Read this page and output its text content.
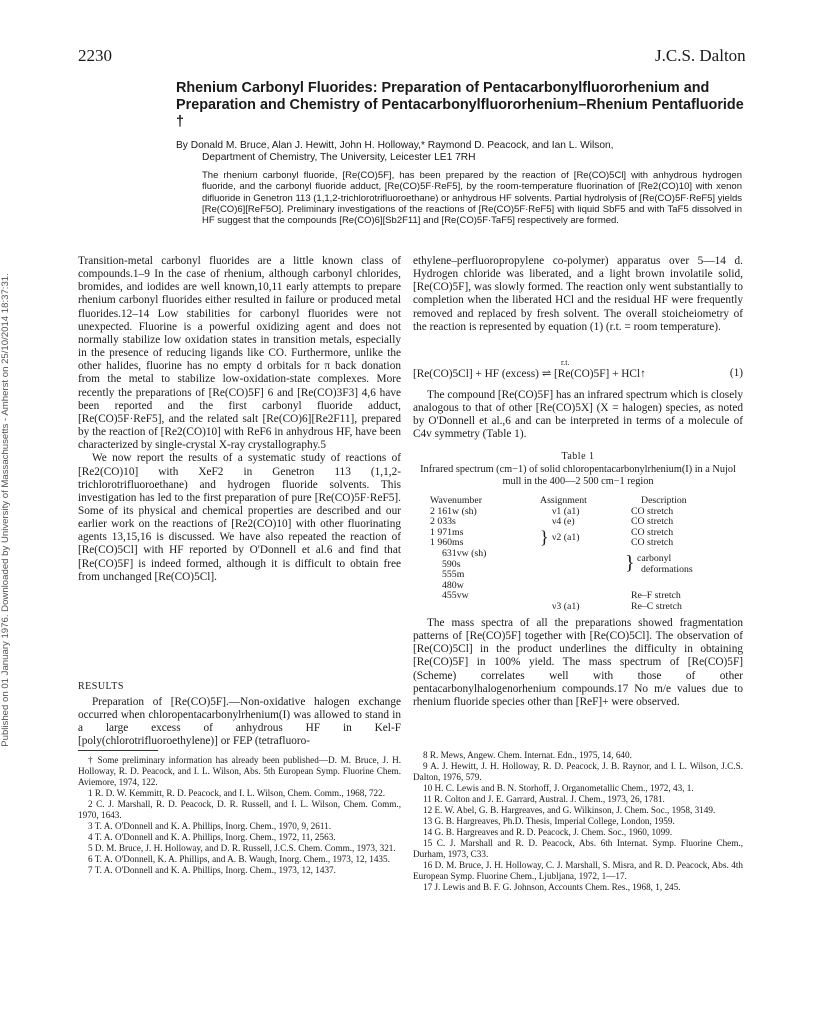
Published on 01 January 1976. Downloaded by University of Massachusetts - Amherst on 25/10/2014 18:37:31.
2230	J.C.S. Dalton
Rhenium Carbonyl Fluorides: Preparation of Pentacarbonylfluororhenium and Preparation and Chemistry of Pentacarbonylfluororhenium–Rhenium Pentafluoride †
By Donald M. Bruce, Alan J. Hewitt, John H. Holloway,* Raymond D. Peacock, and Ian L. Wilson,
Department of Chemistry, The University, Leicester LE1 7RH
The rhenium carbonyl fluoride, [Re(CO)5F], has been prepared by the reaction of [Re(CO)5Cl] with anhydrous hydrogen fluoride, and the carbonyl fluoride adduct, [Re(CO)5F·ReF5], by the room-temperature fluorination of [Re2(CO)10] with xenon difluoride in Genetron 113 (1,1,2-trichlorotrifluoroethane) or anhydrous HF solvents. Partial hydrolysis of [Re(CO)5F·ReF5] yields [Re(CO)6][ReF5O]. Preliminary investigations of the reactions of [Re(CO)5F·ReF5] with liquid SbF5 and with TaF5 dissolved in HF suggest that the compounds [Re(CO)6][Sb2F11] and [Re(CO)5F·TaF5] respectively are formed.

Transition-metal carbonyl fluorides are a little known class of compounds.1–9 In the case of rhenium, although carbonyl chlorides, bromides, and iodides are well known,10,11 early attempts to prepare rhenium carbonyl fluorides either resulted in failure or produced metal fluorides.12–14 Low stabilities for carbonyl fluorides were not unexpected. Fluorine is a powerful oxidizing agent and does not normally stabilize low oxidation states in transition metals, especially in the presence of reducing ligands like CO. Furthermore, unlike the other halides, fluorine has no empty d orbitals for π back donation from the metal to stabilize low-oxidation-state complexes. More recently the preparations of [Re(CO)5F] 6 and [Re(CO)3F3] 4,6 have been reported and the first carbonyl fluoride adduct, [Re(CO)5F·ReF5], and the related salt [Re(CO)6][Re2F11], prepared by the reaction of [Re2(CO)10] with ReF6 in anhydrous HF, have been characterized by single-crystal X-ray crystallography.5

We now report the results of a systematic study of reactions of [Re2(CO)10] with XeF2 in Genetron 113 (1,1,2-trichlorotrifluoroethane) and hydrogen fluoride solvents. This investigation has led to the first preparation of pure [Re(CO)5F·ReF5]. Some of its physical and chemical properties are described and our earlier work on the reactions of [Re2(CO)10] with other fluorinating agents 13,15,16 is discussed. We have also repeated the reaction of [Re(CO)5Cl] with HF reported by O'Donnell et al.6 and find that [Re(CO)5F] is indeed formed, although it is difficult to obtain free from unchanged [Re(CO)5Cl].

RESULTS

Preparation of [Re(CO)5F].—Non-oxidative halogen exchange occurred when chloropentacarbonylrhenium(I) was allowed to stand in a large excess of anhydrous HF in Kel-F [poly(chlorotrifluoroethylene)] or FEP (tetrafluoro-

† Some preliminary information has already been published—D. M. Bruce, J. H. Holloway, R. D. Peacock, and I. L. Wilson, Abs. 5th European Symp. Fluorine Chem. Aviemore, 1974, 122.

1 R. D. W. Kemmitt, R. D. Peacock, and I. L. Wilson, Chem. Comm., 1968, 722.

2 C. J. Marshall, R. D. Peacock, D. R. Russell, and I. L. Wilson, Chem. Comm., 1970, 1643.

3 T. A. O'Donnell and K. A. Phillips, Inorg. Chem., 1970, 9, 2611.

4 T. A. O'Donnell and K. A. Phillips, Inorg. Chem., 1972, 11, 2563.

5 D. M. Bruce, J. H. Holloway, and D. R. Russell, J.C.S. Chem. Comm., 1973, 321.

6 T. A. O'Donnell, K. A. Phillips, and A. B. Waugh, Inorg. Chem., 1973, 12, 1435.

7 T. A. O'Donnell and K. A. Phillips, Inorg. Chem., 1973, 12, 1437.

ethylene–perfluoropropylene co-polymer) apparatus over 5—14 d. Hydrogen chloride was liberated, and a light brown involatile solid, [Re(CO)5F], was slowly formed. The reaction only went substantially to completion when the liberated HCl and the residual HF were frequently removed and replaced by fresh solvent. The overall stoicheiometry of the reaction is represented by equation (1) (r.t. = room temperature).

r.t.
[Re(CO)5Cl] + HF (excess) ⇌ [Re(CO)5F] + HCl↑	(1)

The compound [Re(CO)5F] has an infrared spectrum which is closely analogous to that of other [Re(CO)5X] (X = halogen) species, as noted by O'Donnell et al.,6 and can be interpreted in terms of a molecule of C4v symmetry (Table 1).

Table 1
Infrared spectrum (cm−1) of solid chloropentacarbonylrhenium(I) in a Nujol mull in the 400—2 500 cm−1 region
Wavenumber
2 161w (sh)
2 033s
1 971ms
1 960ms
631vw (sh)
590s
555m
480w
455vw
Assignment
ν1 (a1)
ν4 (e)
} ν2 (a1)
ν3 (a1)
Description
CO stretch
CO stretch
CO stretch
CO stretch
} carbonyl
deformations
Re–F stretch
Re–C stretch

The mass spectra of all the preparations showed fragmentation patterns of [Re(CO)5F] together with [Re(CO)5Cl]. The observation of [Re(CO)5Cl] in the product underlines the difficulty in obtaining [Re(CO)5F] in 100% yield. The mass spectrum of [Re(CO)5F] (Scheme) correlates well with those of other pentacarbonylhalogenorhenium compounds.17 No m/e values due to rhenium fluoride species other than [ReF]+ were observed.

8 R. Mews, Angew. Chem. Internat. Edn., 1975, 14, 640.

9 A. J. Hewitt, J. H. Holloway, R. D. Peacock, J. B. Raynor, and I. L. Wilson, J.C.S. Dalton, 1976, 579.

10 H. C. Lewis and B. N. Storhoff, J. Organometallic Chem., 1972, 43, 1.

11 R. Colton and J. E. Garrard, Austral. J. Chem., 1973, 26, 1781.

12 E. W. Abel, G. B. Hargreaves, and G. Wilkinson, J. Chem. Soc., 1958, 3149.

13 G. B. Hargreaves, Ph.D. Thesis, Imperial College, London, 1959.

14 G. B. Hargreaves and R. D. Peacock, J. Chem. Soc., 1960, 1099.

15 C. J. Marshall and R. D. Peacock, Abs. 6th Internat. Symp. Fluorine Chem., Durham, 1973, C33.

16 D. M. Bruce, J. H. Holloway, C. J. Marshall, S. Misra, and R. D. Peacock, Abs. 4th European Symp. Fluorine Chem., Ljubljana, 1972, 1—17.

17 J. Lewis and B. F. G. Johnson, Accounts Chem. Res., 1968, 1, 245.
